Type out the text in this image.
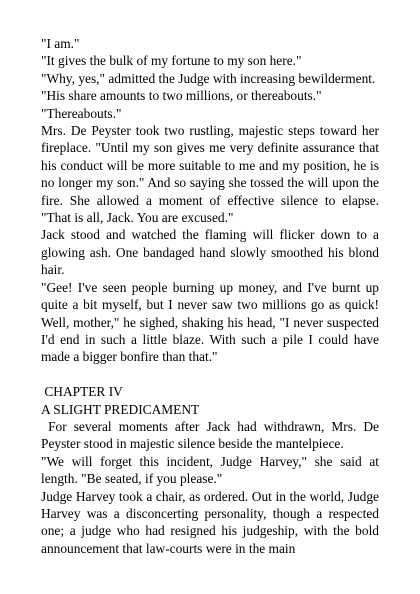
"I am."

"It gives the bulk of my fortune to my son here."

"Why, yes," admitted the Judge with increasing bewilderment.

"His share amounts to two millions, or thereabouts."

"Thereabouts."

Mrs. De Peyster took two rustling, majestic steps toward her fireplace. "Until my son gives me very definite assurance that his conduct will be more suitable to me and my position, he is no longer my son." And so saying she tossed the will upon the fire. She allowed a moment of effective silence to elapse. "That is all, Jack. You are excused."

Jack stood and watched the flaming will flicker down to a glowing ash. One bandaged hand slowly smoothed his blond hair.

"Gee! I've seen people burning up money, and I've burnt up quite a bit myself, but I never saw two millions go as quick! Well, mother," he sighed, shaking his head, "I never suspected I'd end in such a little blaze. With such a pile I could have made a bigger bonfire than that."

CHAPTER IV

A SLIGHT PREDICAMENT

For several moments after Jack had withdrawn, Mrs. De Peyster stood in majestic silence beside the mantelpiece.

"We will forget this incident, Judge Harvey," she said at length. "Be seated, if you please."

Judge Harvey took a chair, as ordered. Out in the world, Judge Harvey was a disconcerting personality, though a respected one; a judge who had resigned his judgeship, with the bold announcement that law-courts were in the main
